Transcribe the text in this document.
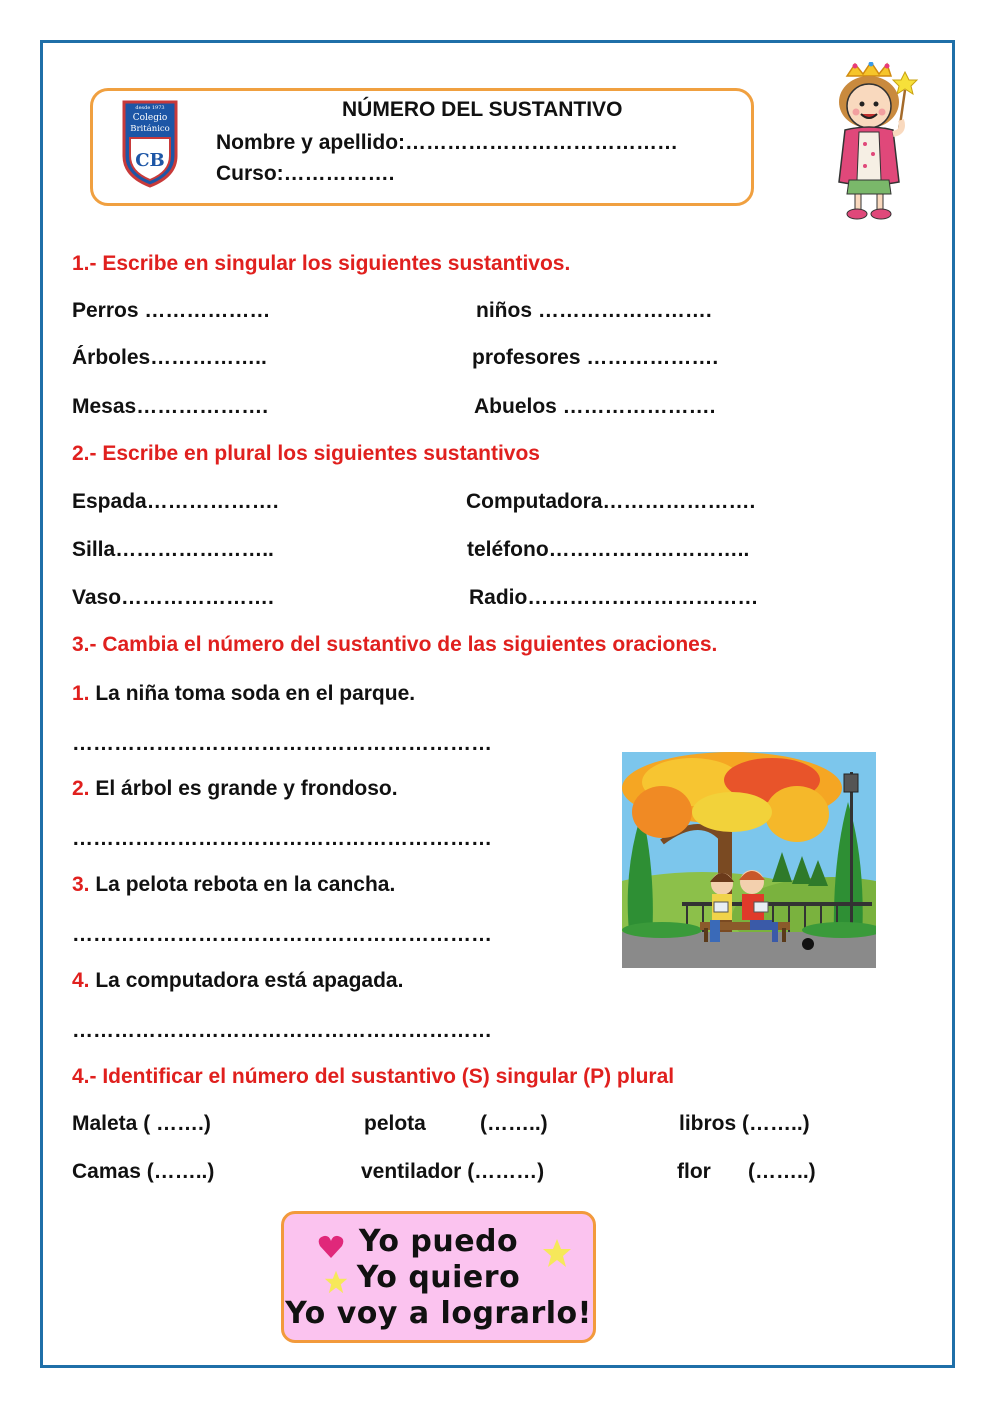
desde 1973
Colegio
Británico
CB
NÚMERO DEL SUSTANTIVO
Nombre y apellido:…………………………………
Curso:…………….
1.- Escribe en singular los siguientes sustantivos.
Perros ………………	niños …………………….
Árboles……………..	profesores ……………….
Mesas……………….	Abuelos ………………….
2.- Escribe en plural los siguientes sustantivos
Espada……………….	Computadora………………….
Silla…………………..	teléfono………………………..
Vaso………………….	Radio……………………………
3.- Cambia el número del sustantivo de las siguientes oraciones.
1. La niña toma soda en el parque.
……………………………………………………
2. El árbol es grande y frondoso.
……………………………………………………
3. La pelota rebota en la cancha.
……………………………………………………
4. La computadora está apagada.
……………………………………………………
4.- Identificar el número del sustantivo (S) singular (P) plural
Maleta ( …….)	pelota	(……..)	libros (……..)
Camas (……..)	ventilador (………)	flor (……..)
Yo puedo
Yo quiero
Yo voy a lograrlo!
